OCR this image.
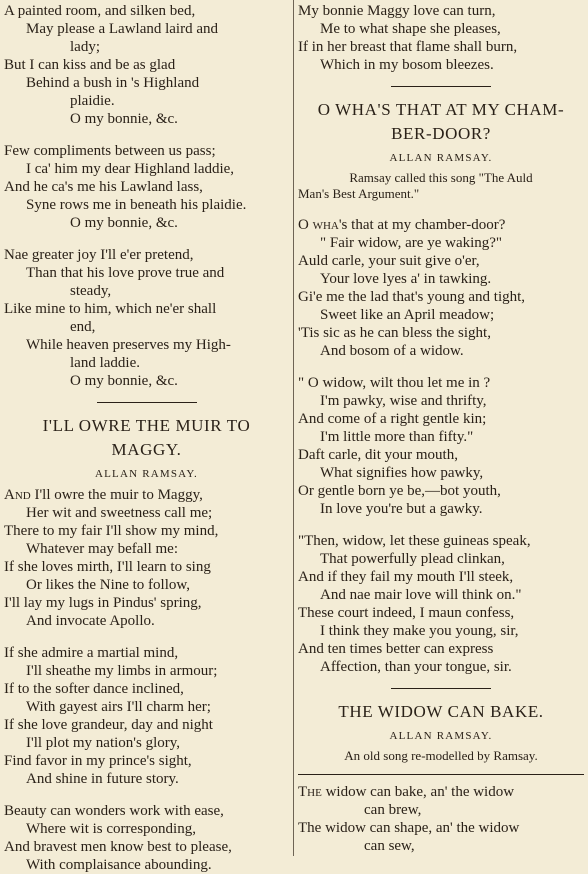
A painted room, and silken bed,
May please a Lawland laird and
lady;
But I can kiss and be as glad
Behind a bush in 's Highland
plaidie.
O my bonnie, &c.
Few compliments between us pass;
I ca' him my dear Highland laddie,
And he ca's me his Lawland lass,
Syne rows me in beneath his plaidie.
O my bonnie, &c.
Nae greater joy I'll e'er pretend,
Than that his love prove true and
steady,
Like mine to him, which ne'er shall
end,
While heaven preserves my High-
land laddie.
O my bonnie, &c.
I'LL OWRE THE MUIR TO
MAGGY.
ALLAN RAMSAY.
And I'll owre the muir to Maggy,
Her wit and sweetness call me;
There to my fair I'll show my mind,
Whatever may befall me:
If she loves mirth, I'll learn to sing
Or likes the Nine to follow,
I'll lay my lugs in Pindus' spring,
And invocate Apollo.
If she admire a martial mind,
I'll sheathe my limbs in armour;
If to the softer dance inclined,
With gayest airs I'll charm her;
If she love grandeur, day and night
I'll plot my nation's glory,
Find favor in my prince's sight,
And shine in future story.
Beauty can wonders work with ease,
Where wit is corresponding,
And bravest men know best to please,
With complaisance abounding.
My bonnie Maggy love can turn,
Me to what shape she pleases,
If in her breast that flame shall burn,
Which in my bosom bleezes.
O WHA'S THAT AT MY CHAM-
BER-DOOR?
ALLAN RAMSAY.
Ramsay called this song "The Auld
Man's Best Argument."
O wha's that at my chamber-door?
" Fair widow, are ye waking?"
Auld carle, your suit give o'er,
Your love lyes a' in tawking.
Gi'e me the lad that's young and tight,
Sweet like an April meadow;
'Tis sic as he can bless the sight,
And bosom of a widow.
" O widow, wilt thou let me in ?
I'm pawky, wise and thrifty,
And come of a right gentle kin;
I'm little more than fifty."
Daft carle, dit your mouth,
What signifies how pawky,
Or gentle born ye be,—bot youth,
In love you're but a gawky.
"Then, widow, let these guineas speak,
That powerfully plead clinkan,
And if they fail my mouth I'll steek,
And nae mair love will think on."
These court indeed, I maun confess,
I think they make you young, sir,
And ten times better can express
Affection, than your tongue, sir.
THE WIDOW CAN BAKE.
ALLAN RAMSAY.
An old song re-modelled by Ramsay.
The widow can bake, an' the widow
can brew,
The widow can shape, an' the widow
can sew,
